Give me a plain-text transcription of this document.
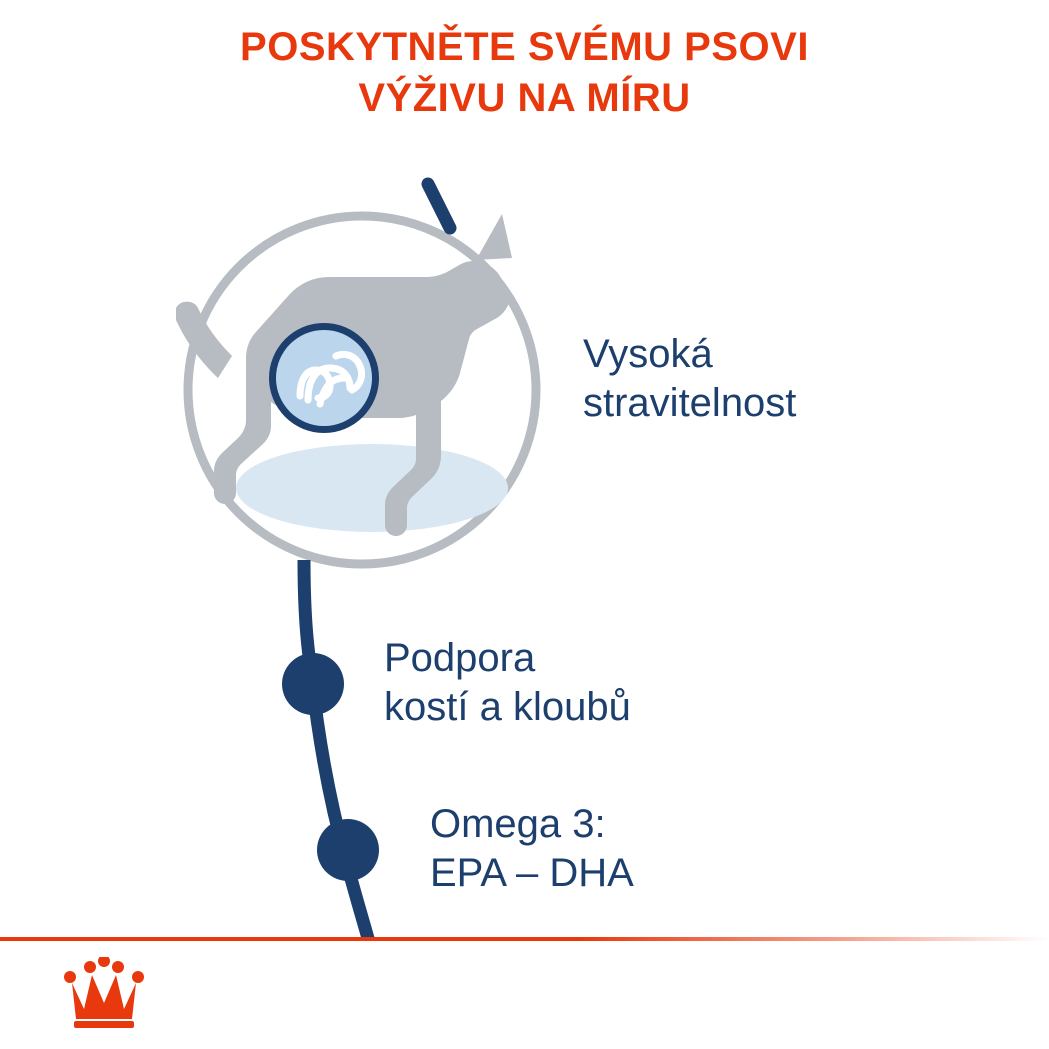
POSKYTNĚTE SVÉMU PSOVI
VÝŽIVU NA MÍRU
Vysoká
stravitelnost
Podpora
kostí a kloubů
Omega 3:
EPA – DHA
